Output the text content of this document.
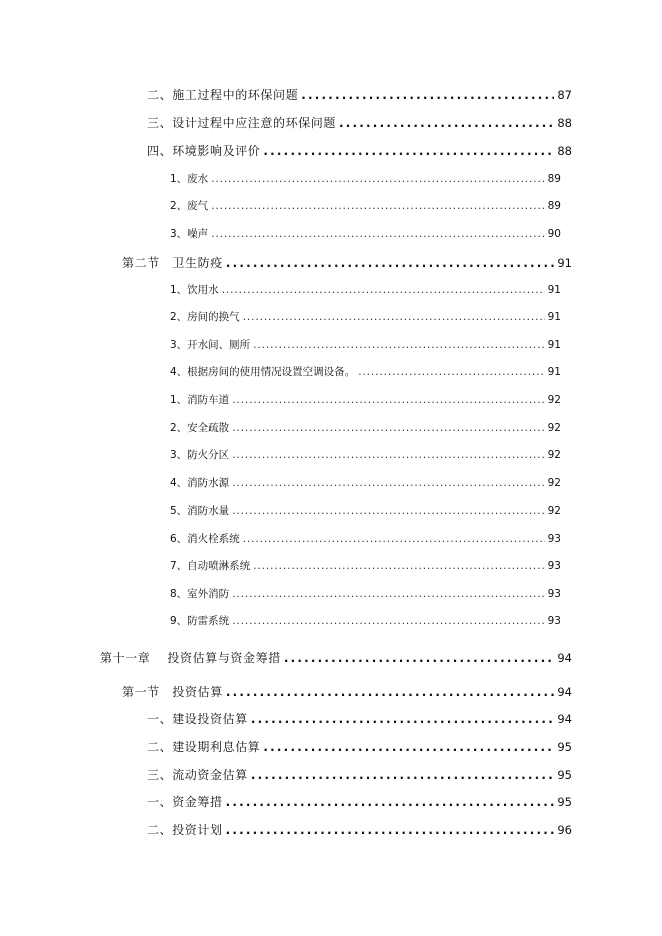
二、施工过程中的环保问题 .....	87
三、设计过程中应注意的环保问题 .....	88
四、环境影响及评价 .....	88
1、废水 .....	89
2、废气 .....	89
3、噪声 .....	90
第二节　卫生防疫 .....	91
1、饮用水 .....	91
2、房间的换气 .....	91
3、开水间、厕所 .....	91
4、根据房间的使用情况设置空调设备。 .....	91
1、消防车道 .....	92
2、安全疏散 .....	92
3、防火分区 .....	92
4、消防水源 .....	92
5、消防水量 .....	92
6、消火栓系统 .....	93
7、自动喷淋系统 .....	93
8、室外消防 .....	93
9、防雷系统 .....	93
第十一章　 投资估算与资金筹措 .....	94
第一节　投资估算 .....	94
一、建设投资估算 .....	94
二、建设期利息估算 .....	95
三、流动资金估算 .....	95
一、资金筹措 .....	95
二、投资计划 .....	96
